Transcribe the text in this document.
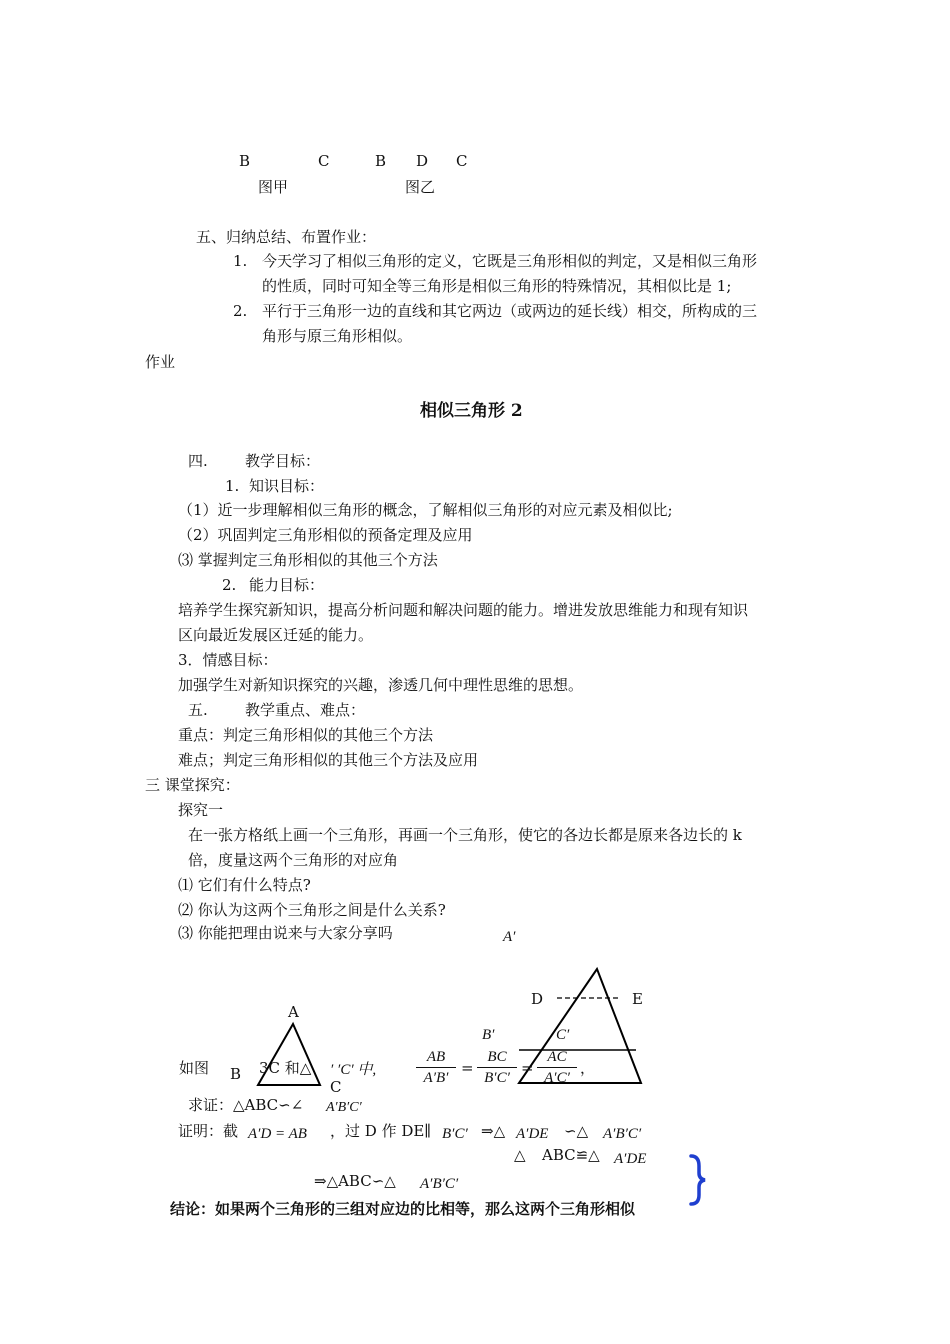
B	C	B D C
图甲	图乙
五、归纳总结、布置作业：
1. 今天学习了相似三角形的定义，它既是三角形相似的判定，又是相似三角形
的性质，同时可知全等三角形是相似三角形的特殊情况，其相似比是 1;
2. 平行于三角形一边的直线和其它两边（或两边的延长线）相交，所构成的三
角形与原三角形相似。
作业
相似三角形 2
四. 教学目标：
1. 知识目标：
（1）近一步理解相似三角形的概念，了解相似三角形的对应元素及相似比;
（2）巩固判定三角形相似的预备定理及应用
⑶ 掌握判定三角形相似的其他三个方法
2. 能力目标：
培养学生探究新知识，提高分析问题和解决问题的能力。增进发放思维能力和现有知识
区向最近发展区迁延的能力。
3．情感目标：
加强学生对新知识探究的兴趣，渗透几何中理性思维的思想。
五. 教学重点、难点：
重点：判定三角形相似的其他三个方法
难点；判定三角形相似的其他三个方法及应用
三 课堂探究：
探究一
在一张方格纸上画一个三角形，再画一个三角形，使它的各边长都是原来各边长的 k
倍，度量这两个三角形的对应角
⑴ 它们有什么特点?
⑵ 你认为这两个三角形之间是什么关系?
⑶ 你能把理由说来与大家分享吗	A′
D	E
A
B′	C′
如图 B 3C 和△ ′ ′C′ 中,
C	$\frac{AB}{A'B'} = \frac{BC}{B'C'} = \frac{AC}{A'C'}$ ，
求证：△ABC∽∠ A′B′C′
证明：截 A′D = AB ，过 D 作 DE∥ B′C′ ⇒△ A′DE ∽△ A′B′C′
△ ABC≌△ A′DE
⇒△ABC∽△ A′B′C′
结论：如果两个三角形的三组对应边的比相等，那么这两个三角形相似
